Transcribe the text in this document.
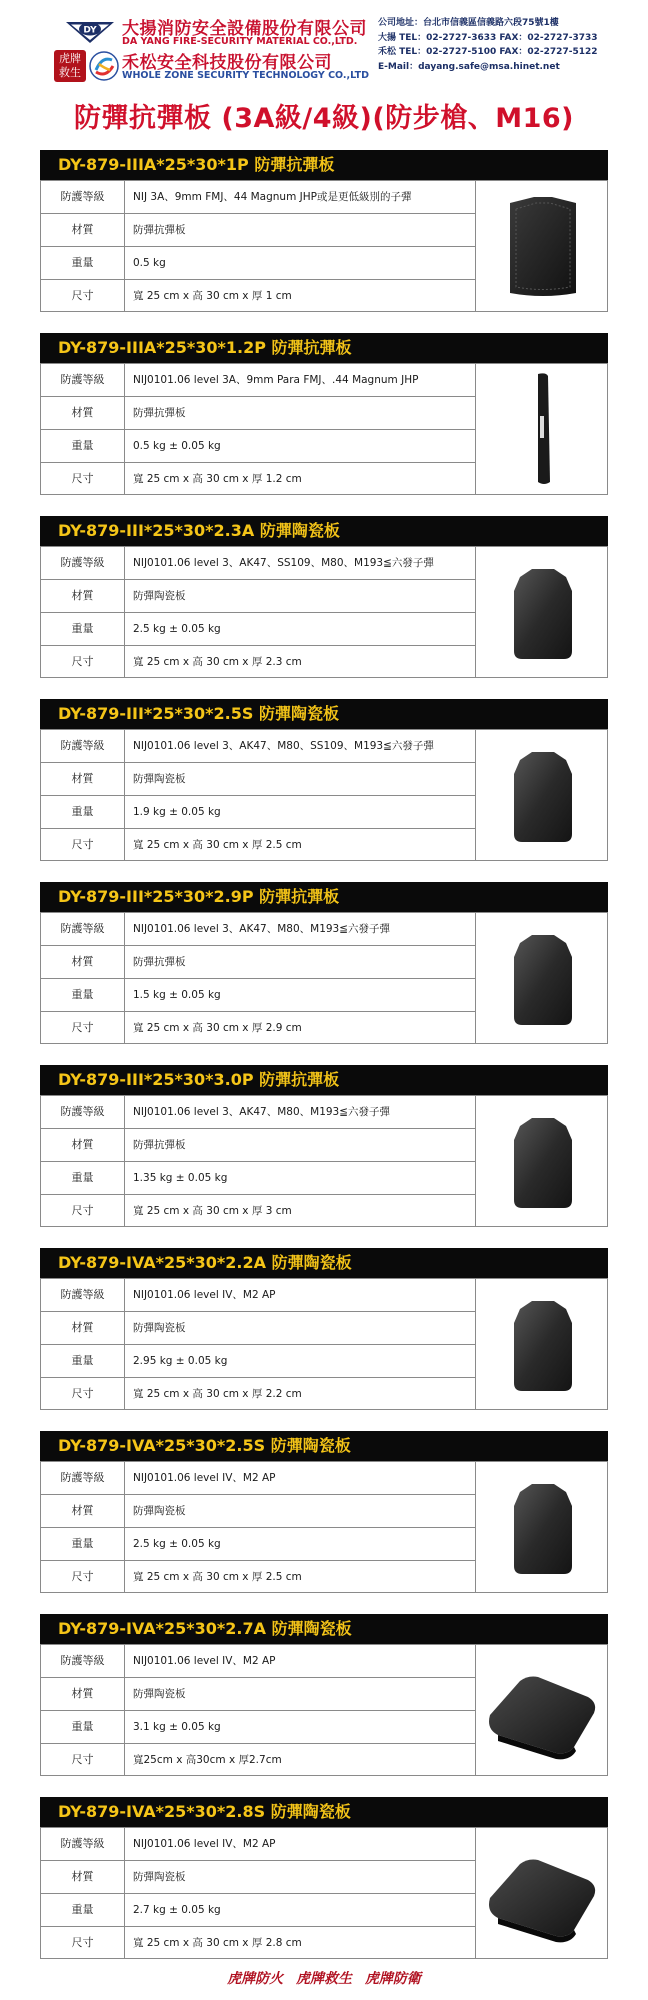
DY
虎牌
救生
大揚消防安全設備股份有限公司
DA YANG FIRE-SECURITY MATERIAL CO.,LTD.
禾松安全科技股份有限公司
WHOLE ZONE SECURITY TECHNOLOGY CO.,LTD
公司地址：台北市信義區信義路六段75號1樓
大揚 TEL：02-2727-3633 FAX：02-2727-3733
禾松 TEL：02-2727-5100 FAX：02-2727-5122
E-Mail：dayang.safe@msa.hinet.net
防彈抗彈板 (3A級/4級)(防步槍、M16)
DY-879-IIIA*25*30*1P 防彈抗彈板
防護等級	NIJ 3A、9mm FMJ、44 Magnum JHP或是更低級別的子彈
材質	防彈抗彈板
重量	0.5 kg
尺寸	寬 25 cm x 高 30 cm x 厚 1 cm
DY-879-IIIA*25*30*1.2P 防彈抗彈板
防護等級	NIJ0101.06 level 3A、9mm Para FMJ、.44 Magnum JHP
材質	防彈抗彈板
重量	0.5 kg ± 0.05 kg
尺寸	寬 25 cm x 高 30 cm x 厚 1.2 cm
DY-879-III*25*30*2.3A 防彈陶瓷板
防護等級	NIJ0101.06 level 3、AK47、SS109、M80、M193≦六發子彈
材質	防彈陶瓷板
重量	2.5 kg ± 0.05 kg
尺寸	寬 25 cm x 高 30 cm x 厚 2.3 cm
DY-879-III*25*30*2.5S 防彈陶瓷板
防護等級	NIJ0101.06 level 3、AK47、M80、SS109、M193≦六發子彈
材質	防彈陶瓷板
重量	1.9 kg ± 0.05 kg
尺寸	寬 25 cm x 高 30 cm x 厚 2.5 cm
DY-879-III*25*30*2.9P 防彈抗彈板
防護等級	NIJ0101.06 level 3、AK47、M80、M193≦六發子彈
材質	防彈抗彈板
重量	1.5 kg ± 0.05 kg
尺寸	寬 25 cm x 高 30 cm x 厚 2.9 cm
DY-879-III*25*30*3.0P 防彈抗彈板
防護等級	NIJ0101.06 level 3、AK47、M80、M193≦六發子彈
材質	防彈抗彈板
重量	1.35 kg ± 0.05 kg
尺寸	寬 25 cm x 高 30 cm x 厚 3 cm
DY-879-IVA*25*30*2.2A 防彈陶瓷板
防護等級	NIJ0101.06 level IV、M2 AP
材質	防彈陶瓷板
重量	2.95 kg ± 0.05 kg
尺寸	寬 25 cm x 高 30 cm x 厚 2.2 cm
DY-879-IVA*25*30*2.5S 防彈陶瓷板
防護等級	NIJ0101.06 level IV、M2 AP
材質	防彈陶瓷板
重量	2.5 kg ± 0.05 kg
尺寸	寬 25 cm x 高 30 cm x 厚 2.5 cm
DY-879-IVA*25*30*2.7A 防彈陶瓷板
防護等級	NIJ0101.06 level IV、M2 AP
材質	防彈陶瓷板
重量	3.1 kg ± 0.05 kg
尺寸	寬25cm x 高30cm x 厚2.7cm
DY-879-IVA*25*30*2.8S 防彈陶瓷板
防護等級	NIJ0101.06 level IV、M2 AP
材質	防彈陶瓷板
重量	2.7 kg ± 0.05 kg
尺寸	寬 25 cm x 高 30 cm x 厚 2.8 cm
虎牌防火 虎牌救生 虎牌防衛
